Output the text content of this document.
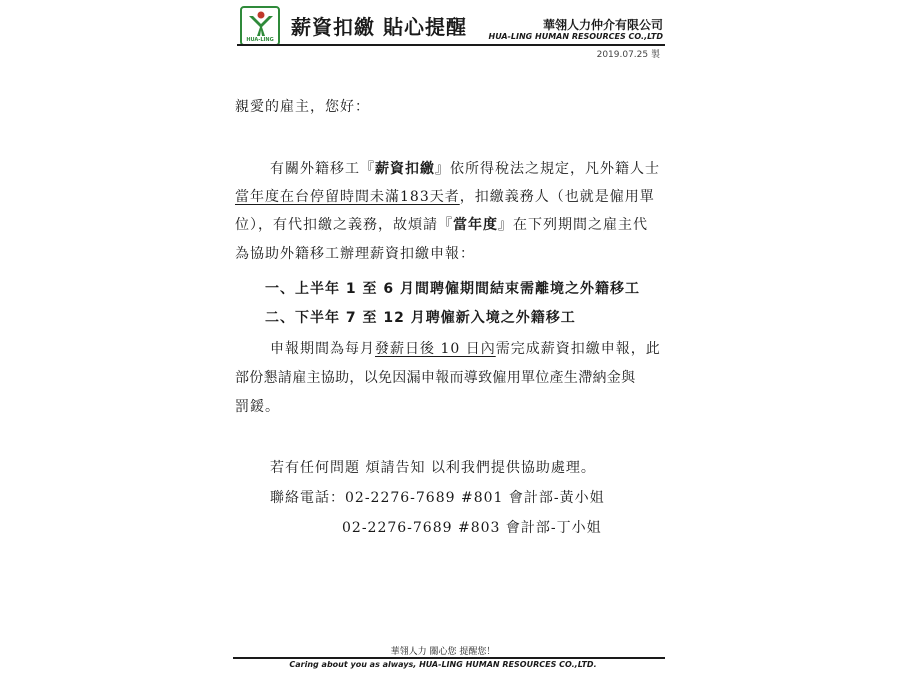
HUA-LING
薪資扣繳 貼心提醒	華翎人力仲介有限公司
HUA-LING HUMAN RESOURCES CO.,LTD
2019.07.25 製
親愛的雇主，您好：
有關外籍移工『薪資扣繳』依所得稅法之規定，凡外籍人士
當年度在台停留時間未滿183天者，扣繳義務人（也就是僱用單
位），有代扣繳之義務，故煩請『當年度』在下列期間之雇主代
為協助外籍移工辦理薪資扣繳申報：
一、上半年 1 至 6 月間聘僱期間結束需離境之外籍移工
二、下半年 7 至 12 月聘僱新入境之外籍移工
申報期間為每月發薪日後 10 日內需完成薪資扣繳申報，此
部份懇請雇主協助，以免因漏申報而導致僱用單位產生滯納金與
罰鍰。
若有任何問題 煩請告知 以利我們提供協助處理。
聯絡電話：02-2276-7689 #801 會計部-黃小姐
02-2276-7689 #803 會計部-丁小姐
華翎人力 關心您 提醒您！
Caring about you as always, HUA-LING HUMAN RESOURCES CO.,LTD.
